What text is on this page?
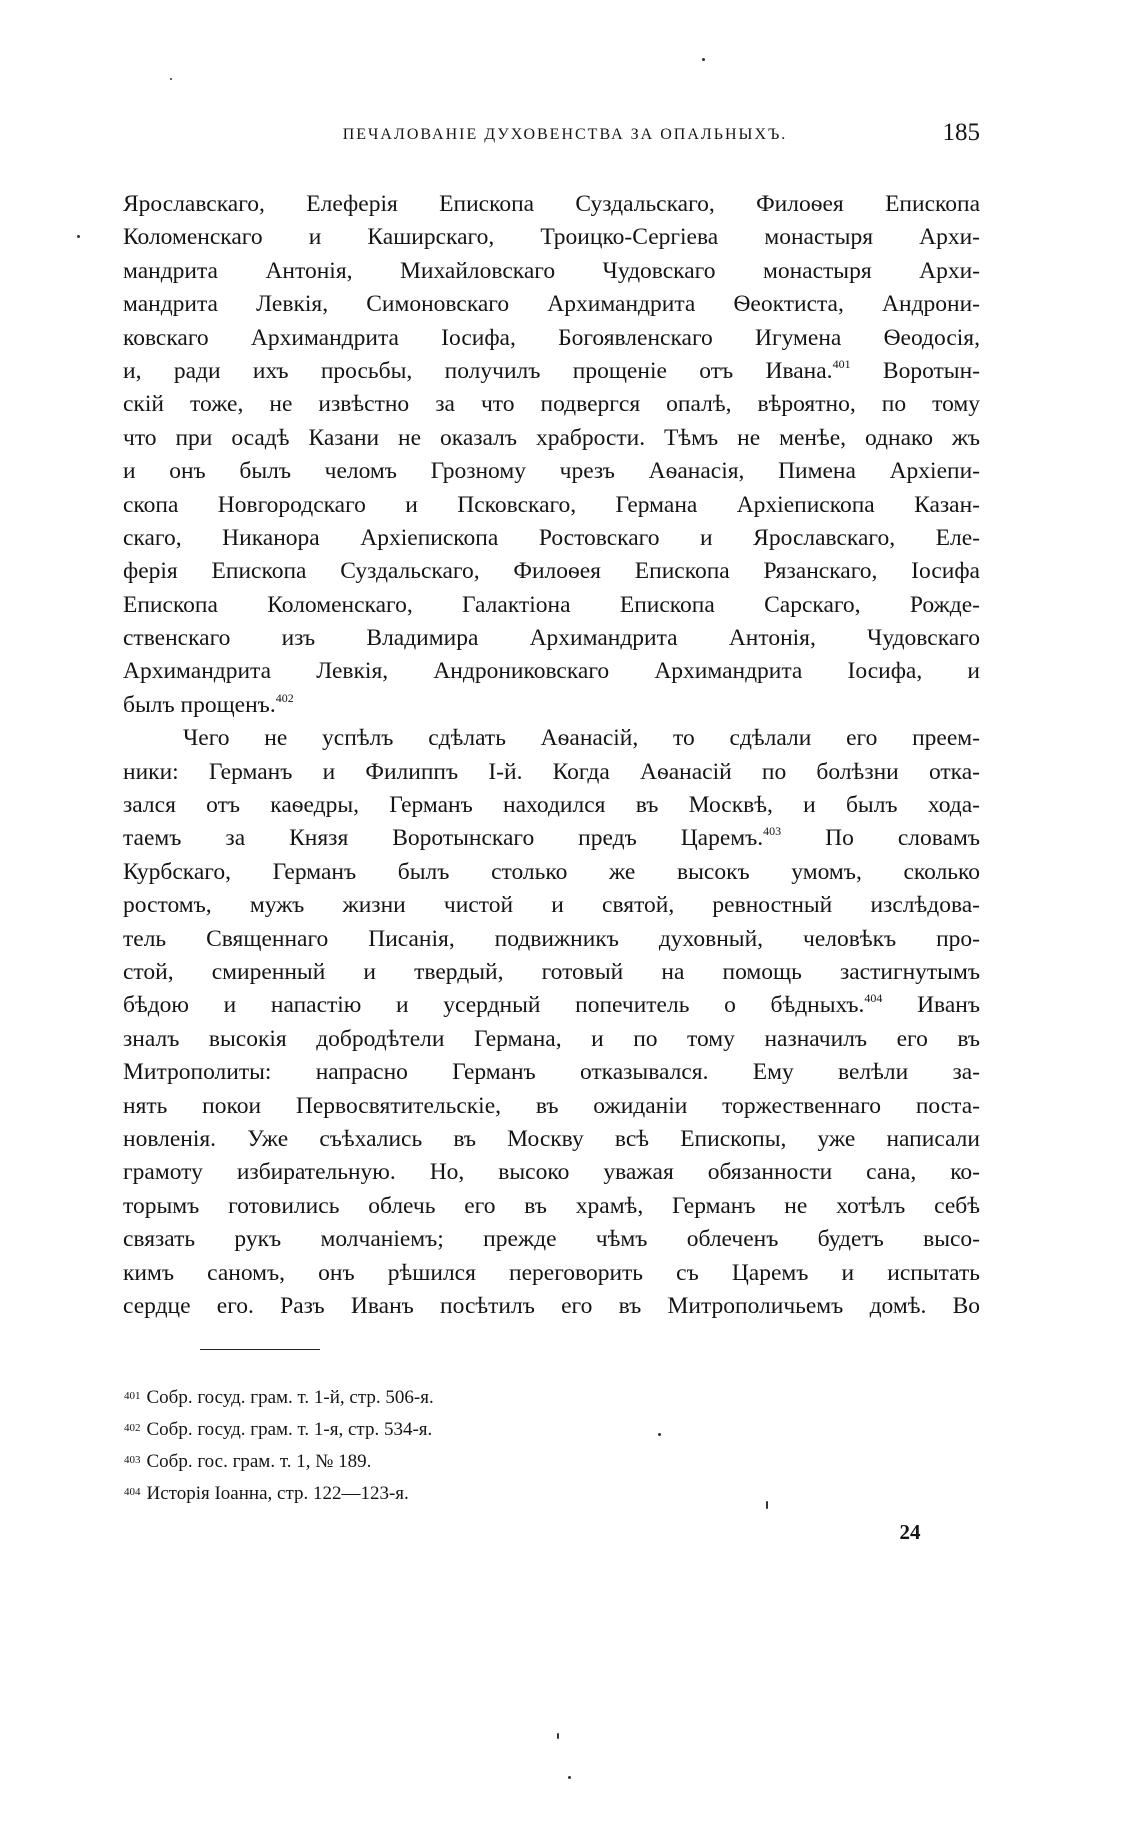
ПЕЧАЛОВАНІЕ ДУХОВЕНСТВА ЗА ОПАЛЬНЫХЪ.	185
Ярославскаго, Елеферія Епископа Суздальскаго, Филоѳея Епископа
Коломенскаго и Каширскаго, Троицко-Сергіева монастыря Архи-
мандрита Антонія, Михайловскаго Чудовскаго монастыря Архи-
мандрита Левкія, Симоновскаго Архимандрита Ѳеоктиста, Андрони-
ковскаго Архимандрита Іосифа, Богоявленскаго Игумена Ѳеодосія,
и, ради ихъ просьбы, получилъ прощеніе отъ Ивана.$^{401}$ Воротын-
скій тоже, не извѣстно за что подвергся опалѣ, вѣроятно, по тому
что при осадѣ Казани не оказалъ храбрости. Тѣмъ не менѣе, однако жъ
и онъ былъ челомъ Грозному чрезъ Аѳанасія, Пимена Архіепи-
скопа Новгородскаго и Псковскаго, Германа Архіепископа Казан-
скаго, Никанора Архіепископа Ростовскаго и Ярославскаго, Еле-
ферія Епископа Суздальскаго, Филоѳея Епископа Рязанскаго, Іосифа
Епископа Коломенскаго, Галактіона Епископа Сарскаго, Рожде-
ственскаго изъ Владимира Архимандрита Антонія, Чудовскаго
Архимандрита Левкія, Андрониковскаго Архимандрита Іосифа, и
былъ прощенъ.$^{402}$
Чего не успѣлъ сдѣлать Аѳанасій, то сдѣлали его преем-
ники: Германъ и Филиппъ I-й. Когда Аѳанасій по болѣзни отка-
зался отъ каѳедры, Германъ находился въ Москвѣ, и былъ хода-
таемъ за Князя Воротынскаго предъ Царемъ.$^{403}$ По словамъ
Курбскаго, Германъ былъ столько же высокъ умомъ, сколько
ростомъ, мужъ жизни чистой и святой, ревностный изслѣдова-
тель Священнаго Писанія, подвижникъ духовный, человѣкъ про-
стой, смиренный и твердый, готовый на помощь застигнутымъ
бѣдою и напастію и усердный попечитель о бѣдныхъ.$^{404}$ Иванъ
зналъ высокія добродѣтели Германа, и по тому назначилъ его въ
Митрополиты: напрасно Германъ отказывался. Ему велѣли за-
нять покои Первосвятительскіе, въ ожиданіи торжественнаго поста-
новленія. Уже съѣхались въ Москву всѣ Епископы, уже написали
грамоту избирательную. Но, высоко уважая обязанности сана, ко-
торымъ готовились облечь его въ храмѣ, Германъ не хотѣлъ себѣ
связать рукъ молчаніемъ; прежде чѣмъ облеченъ будетъ высо-
кимъ саномъ, онъ рѣшился переговорить съ Царемъ и испытать
сердце его. Разъ Иванъ посѣтилъ его въ Митрополичьемъ домѣ. Во
$^{401}$ Собр. госуд. грам. т. 1-й, стр. 506-я.
$^{402}$ Собр. госуд. грам. т. 1-я, стр. 534-я.
$^{403}$ Собр. гос. грам. т. 1, № 189.
$^{404}$ Исторія Іоанна, стр. 122—123-я.
24
